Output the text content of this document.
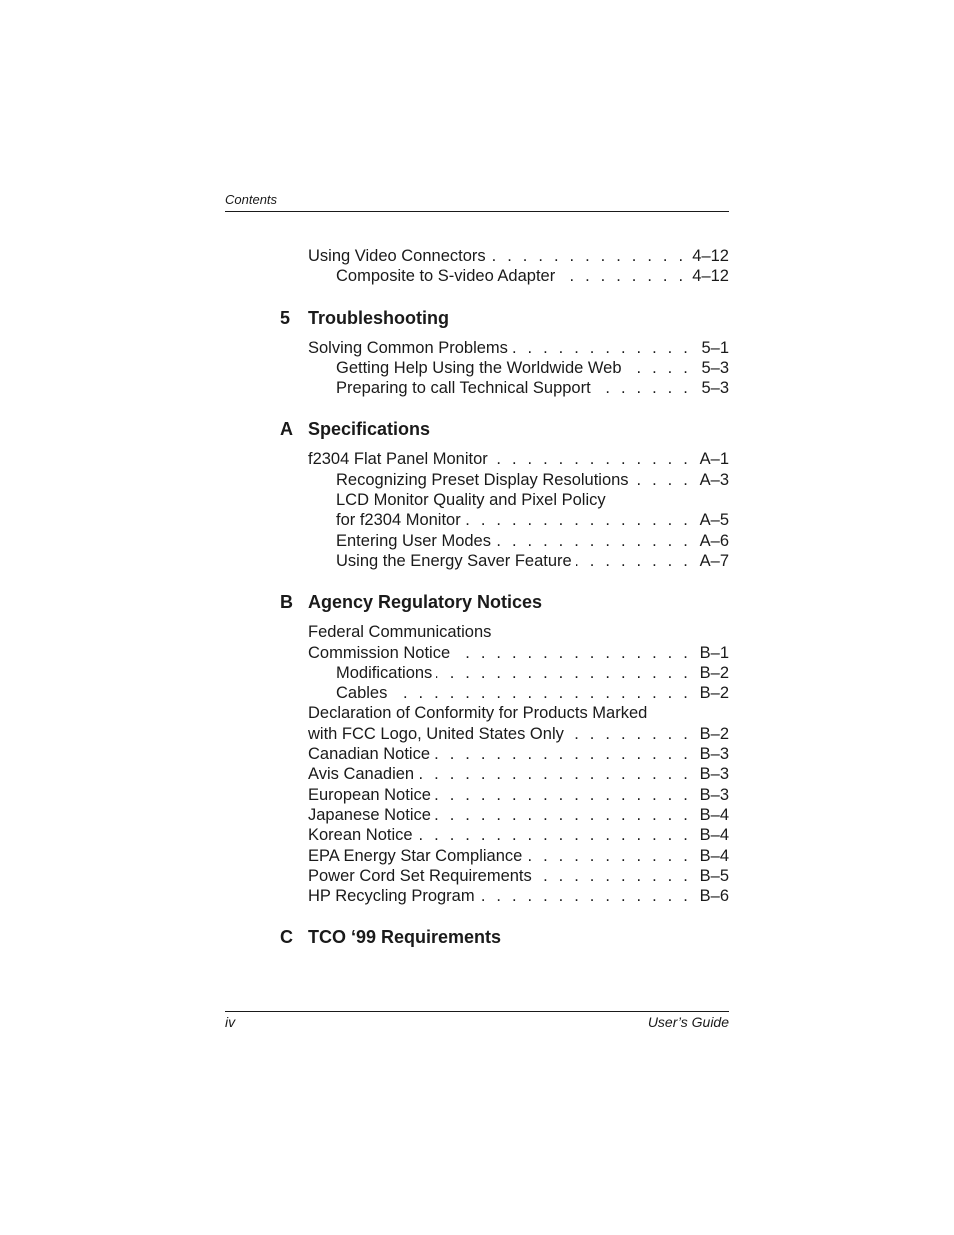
Contents
Using Video Connectors . . .	4–12
Composite to S-video Adapter . . .	4–12
5 Troubleshooting
Solving Common Problems . . .	5–1
Getting Help Using the Worldwide Web . . .	5–3
Preparing to call Technical Support . . .	5–3
A Specifications
f2304 Flat Panel Monitor . . .	A–1
Recognizing Preset Display Resolutions . . .	A–3
LCD Monitor Quality and Pixel Policy
for f2304 Monitor . . .	A–5
Entering User Modes . . .	A–6
Using the Energy Saver Feature . . .	A–7
B Agency Regulatory Notices
Federal Communications
Commission Notice . . .	B–1
Modifications . . .	B–2
Cables . . .	B–2
Declaration of Conformity for Products Marked
with FCC Logo, United States Only . . .	B–2
Canadian Notice . . .	B–3
Avis Canadien . . .	B–3
European Notice . . .	B–3
Japanese Notice . . .	B–4
Korean Notice . . .	B–4
EPA Energy Star Compliance . . .	B–4
Power Cord Set Requirements . . .	B–5
HP Recycling Program . . .	B–6
C TCO ‘99 Requirements
iv	User’s Guide
